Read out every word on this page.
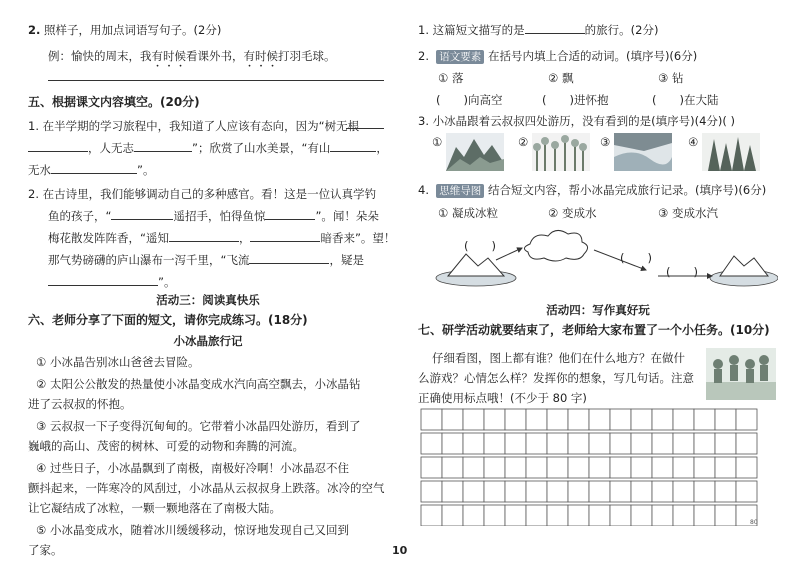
2. 照样子，用加点词语写句子。(2分)
例：愉快的周末，我有时候看课外书，有时候打羽毛球。
五、根据课文内容填空。(20分)
1. 在半学期的学习旅程中，我知道了人应该有态向，因为“树无根
，人无志	”；欣赏了山水美景，“有山	，
无水	”。
2. 在古诗里，我们能够调动自己的多种感官。看！这是一位认真学钓
鱼的孩子，“	遥招手，怕得鱼惊	”。闻！朵朵
梅花散发阵阵香，“遥知	，	暗香来”。望！
那气势磅礴的庐山瀑布一泻千里，“飞流	，疑是
”。
活动三：阅读真快乐
六、老师分享了下面的短文，请你完成练习。(18分)
小冰晶旅行记
① 小冰晶告别冰山爸爸去冒险。
② 太阳公公散发的热量使小冰晶变成水汽向高空飘去，小冰晶钻
进了云叔叔的怀抱。
③ 云叔叔一下子变得沉甸甸的。它带着小冰晶四处游历，看到了
巍峨的高山、茂密的树林、可爱的动物和奔腾的河流。
④ 过些日子，小冰晶飘到了南极，南极好冷啊！小冰晶忍不住
颤抖起来，一阵寒冷的风刮过，小冰晶从云叔叔身上跌落。冰冷的空气
让它凝结成了冰粒，一颗一颗地落在了南极大陆。
⑤ 小冰晶变成水，随着冰川缓缓移动，惊讶地发现自己又回到
了家。
1. 这篇短文描写的是	的旅行。(2分)
2.  语文要素 在括号内填上合适的动词。(填序号)(6分)
① 落	② 飘	③ 钻
(　　)向高空	(　　)进怀抱	(　　)在大陆
3. 小冰晶跟着云叔叔四处游历，没有看到的是(填序号)(4分)( )
①	②	③	④
4.  思维导图 结合短文内容，帮小冰晶完成旅行记录。(填序号)(6分)
① 凝成冰粒	② 变成水	③ 变成水汽
(　　)
(　　)
(　　)
活动四：写作真好玩
七、研学活动就要结束了，老师给大家布置了一个小任务。(10分)
仔细看图，图上都有谁？他们在什么地方？在做什
么游戏？心情怎么样？发挥你的想象，写几句话。注意
正确使用标点哦！(不少于 80 字)
80
10
